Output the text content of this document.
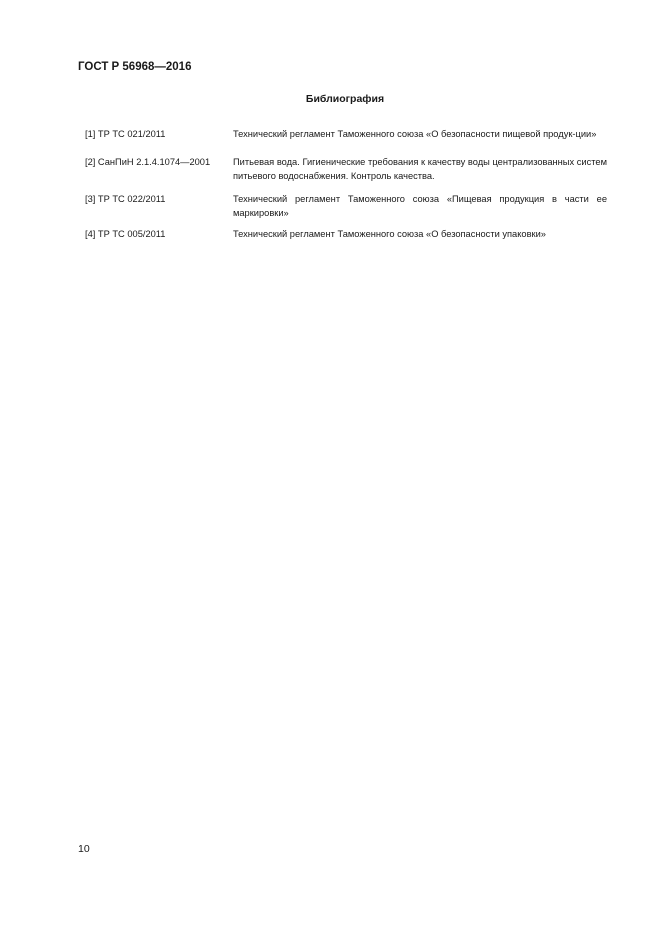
ГОСТ Р 56968—2016
Библиография
[1] ТР ТС 021/2011	Технический регламент Таможенного союза «О безопасности пищевой продук-ции»
[2] СанПиН 2.1.4.1074—2001 Питьевая вода. Гигиенические требования к качеству воды централизованных систем питьевого водоснабжения. Контроль качества.
[3] ТР ТС 022/2011	Технический регламент Таможенного союза «Пищевая продукция в части ее маркировки»
[4] ТР ТС 005/2011	Технический регламент Таможенного союза «О безопасности упаковки»
10
